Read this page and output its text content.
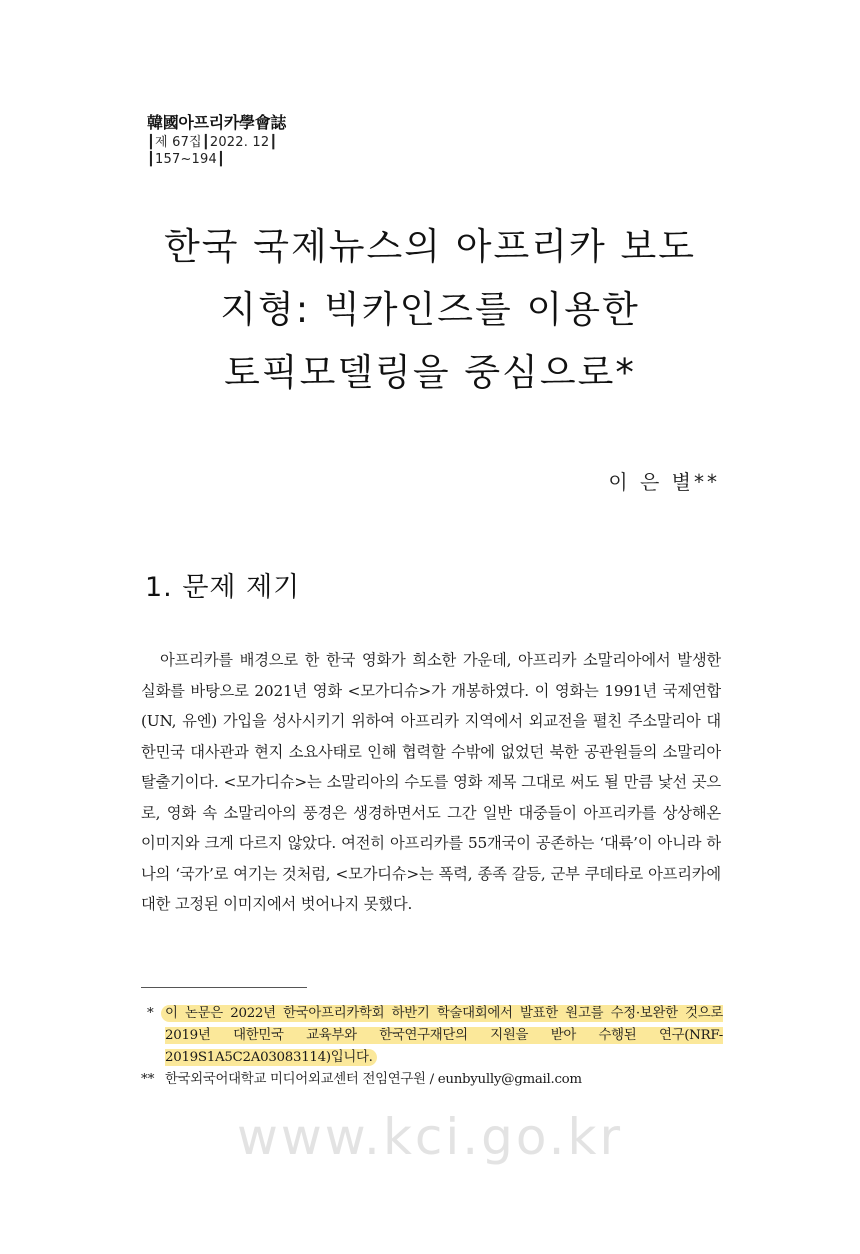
韓國아프리카學會誌
┃제 67집┃2022. 12┃
┃157~194┃
한국 국제뉴스의 아프리카 보도
지형: 빅카인즈를 이용한
토픽모델링을 중심으로*
이 은 별**
1. 문제 제기

아프리카를 배경으로 한 한국 영화가 희소한 가운데, 아프리카 소말리아에서 발생한 실화를 바탕으로 2021년 영화 <모가디슈>가 개봉하였다. 이 영화는 1991년 국제연합(UN, 유엔) 가입을 성사시키기 위하여 아프리카 지역에서 외교전을 펼친 주소말리아 대한민국 대사관과 현지 소요사태로 인해 협력할 수밖에 없었던 북한 공관원들의 소말리아 탈출기이다. <모가디슈>는 소말리아의 수도를 영화 제목 그대로 써도 될 만큼 낯선 곳으로, 영화 속 소말리아의 풍경은 생경하면서도 그간 일반 대중들이 아프리카를 상상해온 이미지와 크게 다르지 않았다. 여전히 아프리카를 55개국이 공존하는 ‘대륙’이 아니라 하나의 ‘국가’로 여기는 것처럼, <모가디슈>는 폭력, 종족 갈등, 군부 쿠데타로 아프리카에 대한 고정된 이미지에서 벗어나지 못했다.

* 이 논문은 2022년 한국아프리카학회 하반기 학술대회에서 발표한 원고를 수정·보완한 것으로 2019년 대한민국 교육부와 한국연구재단의 지원을 받아 수행된 연구(NRF-2019S1A5C2A03083114)입니다.
** 한국외국어대학교 미디어외교센터 전임연구원 / eunbyully@gmail.com
www.kci.go.kr
